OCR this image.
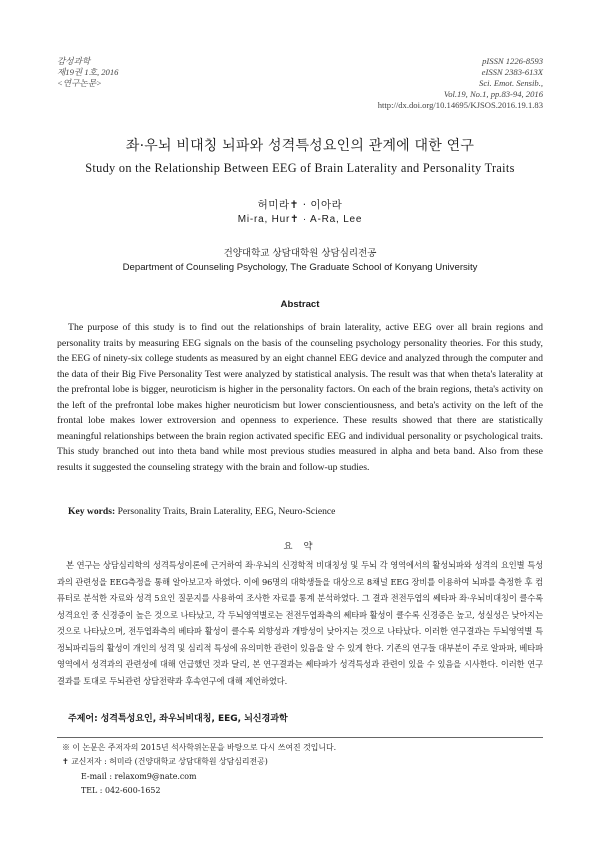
감성과학
제19권 1호, 2016
<연구논문>
pISSN 1226-8593
eISSN 2383-613X
Sci. Emot. Sensib.,
Vol.19, No.1, pp.83-94, 2016
http://dx.doi.org/10.14695/KJSOS.2016.19.1.83
좌·우뇌 비대칭 뇌파와 성격특성요인의 관계에 대한 연구
Study on the Relationship Between EEG of Brain Laterality and Personality Traits
허미라✝ · 이아라
Mi-ra, Hur✝ · A-Ra, Lee
건양대학교 상담대학원 상담심리전공
Department of Counseling Psychology, The Graduate School of Konyang University
Abstract

The purpose of this study is to find out the relationships of brain laterality, active EEG over all brain regions and personality traits by measuring EEG signals on the basis of the counseling psychology personality theories. For this study, the EEG of ninety-six college students as measured by an eight channel EEG device and analyzed through the computer and the data of their Big Five Personality Test were analyzed by statistical analysis. The result was that when theta's laterality at the prefrontal lobe is bigger, neuroticism is higher in the personality factors. On each of the brain regions, theta's activity on the left of the prefrontal lobe makes higher neuroticism but lower conscientiousness, and beta's activity on the left of the frontal lobe makes lower extroversion and openness to experience. These results showed that there are statistically meaningful relationships between the brain region activated specific EEG and individual personality or psychological traits. This study branched out into theta band while most previous studies measured in alpha and beta band. Also from these results it suggested the counseling strategy with the brain and follow-up studies.

Key words: Personality Traits, Brain Laterality, EEG, Neuro-Science
요 약

본 연구는 상담심리학의 성격특성이론에 근거하여 좌·우뇌의 신경학적 비대칭성 및 두뇌 각 영역에서의 활성뇌파와 성격의 요인별 특성과의 관련성을 EEG측정을 통해 알아보고자 하였다. 이에 96명의 대학생들을 대상으로 8채널 EEG 장비를 이용하여 뇌파를 측정한 후 컴퓨터로 분석한 자료와 성격 5요인 질문지를 사용하여 조사한 자료를 통계 분석하였다. 그 결과 전전두엽의 쎄타파 좌·우뇌비대칭이 클수록 성격요인 중 신경증이 높은 것으로 나타났고, 각 두뇌영역별로는 전전두엽좌측의 쎄타파 활성이 클수록 신경증은 높고, 성실성은 낮아지는 것으로 나타났으며, 전두엽좌측의 베타파 활성이 클수록 외향성과 개방성이 낮아지는 것으로 나타났다. 이러한 연구결과는 두뇌영역별 특정뇌파리듬의 활성이 개인의 성격 및 심리적 특성에 유의미한 관련이 있음을 알 수 있게 한다. 기존의 연구들 대부분이 주로 알파파, 베타파 영역에서 성격과의 관련성에 대해 언급했던 것과 달리, 본 연구결과는 쎄타파가 성격특성과 관련이 있을 수 있음을 시사한다. 이러한 연구 결과를 토대로 두뇌관련 상담전략과 후속연구에 대해 제언하였다.

주제어: 성격특성요인, 좌우뇌비대칭, EEG, 뇌신경과학
※ 이 논문은 주저자의 2015년 석사학위논문을 바탕으로 다시 쓰여진 것입니다.
✝ 교신저자 : 허미라 (건양대학교 상담대학원 상담심리전공)
E-mail : relaxom9@nate.com
TEL : 042-600-1652
